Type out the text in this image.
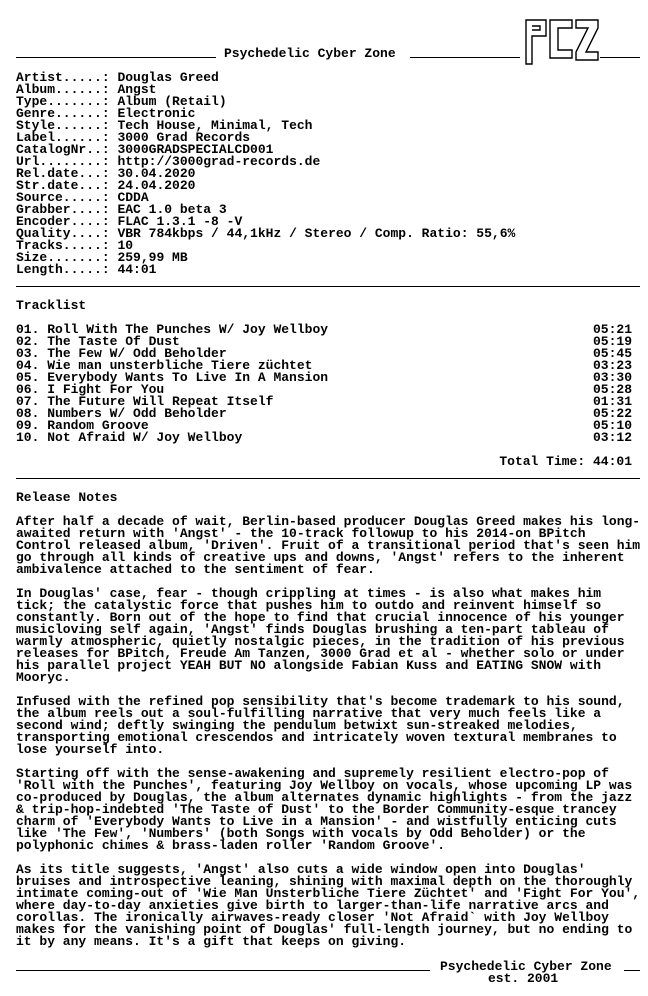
Psychedelic Cyber Zone
Artist.....: Douglas Greed
Album......: Angst
Type.......: Album (Retail)
Genre......: Electronic
Style......: Tech House, Minimal, Tech
Label......: 3000 Grad Records
CatalogNr..: 3000GRADSPECIALCD001
Url........: http://3000grad-records.de
Rel.date...: 30.04.2020
Str.date...: 24.04.2020
Source.....: CDDA
Grabber....: EAC 1.0 beta 3
Encoder....: FLAC 1.3.1 -8 -V
Quality....: VBR 784kbps / 44,1kHz / Stereo / Comp. Ratio: 55,6%
Tracks.....: 10
Size.......: 259,99 MB
Length.....: 44:01
Tracklist
01. Roll With The Punches W/ Joy Wellboy	05:21
02. The Taste Of Dust	05:19
03. The Few W/ Odd Beholder	05:45
04. Wie man unsterbliche Tiere züchtet	03:23
05. Everybody Wants To Live In A Mansion	03:30
06. I Fight For You	05:28
07. The Future Will Repeat Itself	01:31
08. Numbers W/ Odd Beholder	05:22
09. Random Groove	05:10
10. Not Afraid W/ Joy Wellboy	03:12
Total Time: 44:01
Release Notes

After half a decade of wait, Berlin-based producer Douglas Greed makes his long-awaited return with 'Angst' - the 10-track followup to his 2014-on BPitch Control released album, 'Driven'. Fruit of a transitional period that's seen him go through all kinds of creative ups and downs, 'Angst' refers to the inherent ambivalence attached to the sentiment of fear.

In Douglas' case, fear - though crippling at times - is also what makes him tick; the catalystic force that pushes him to outdo and reinvent himself so constantly. Born out of the hope to find that crucial innocence of his younger musicloving self again, 'Angst' finds Douglas brushing a ten-part tableau of warmly atmospheric, quietly nostalgic pieces, in the tradition of his previous releases for BPitch, Freude Am Tanzen, 3000 Grad et al - whether solo or under his parallel project YEAH BUT NO alongside Fabian Kuss and EATING SNOW with Mooryc.

Infused with the refined pop sensibility that's become trademark to his sound, the album reels out a soul-fulfilling narrative that very much feels like a second wind; deftly swinging the pendulum betwixt sun-streaked melodies, transporting emotional crescendos and intricately woven textural membranes to lose yourself into.

Starting off with the sense-awakening and supremely resilient electro-pop of 'Roll with the Punches', featuring Joy Wellboy on vocals, whose upcoming LP was co-produced by Douglas, the album alternates dynamic highlights - from the jazz & trip-hop-indebted 'The Taste of Dust' to the Border Community-esque trancey charm of 'Everybody Wants to Live in a Mansion' - and wistfully enticing cuts like 'The Few', 'Numbers' (both Songs with vocals by Odd Beholder) or the polyphonic chimes & brass-laden roller 'Random Groove'.

As its title suggests, 'Angst' also cuts a wide window open into Douglas' bruises and introspective leaning, shining with maximal depth on the thoroughly intimate coming-out of 'Wie Man Unsterbliche Tiere Züchtet' and 'Fight For You', where day-to-day anxieties give birth to larger-than-life narrative arcs and corollas. The ironically airwaves-ready closer 'Not Afraid` with Joy Wellboy makes for the vanishing point of Douglas' full-length journey, but no ending to it by any means. It's a gift that keeps on giving.

Psychedelic Cyber Zone
est. 2001
